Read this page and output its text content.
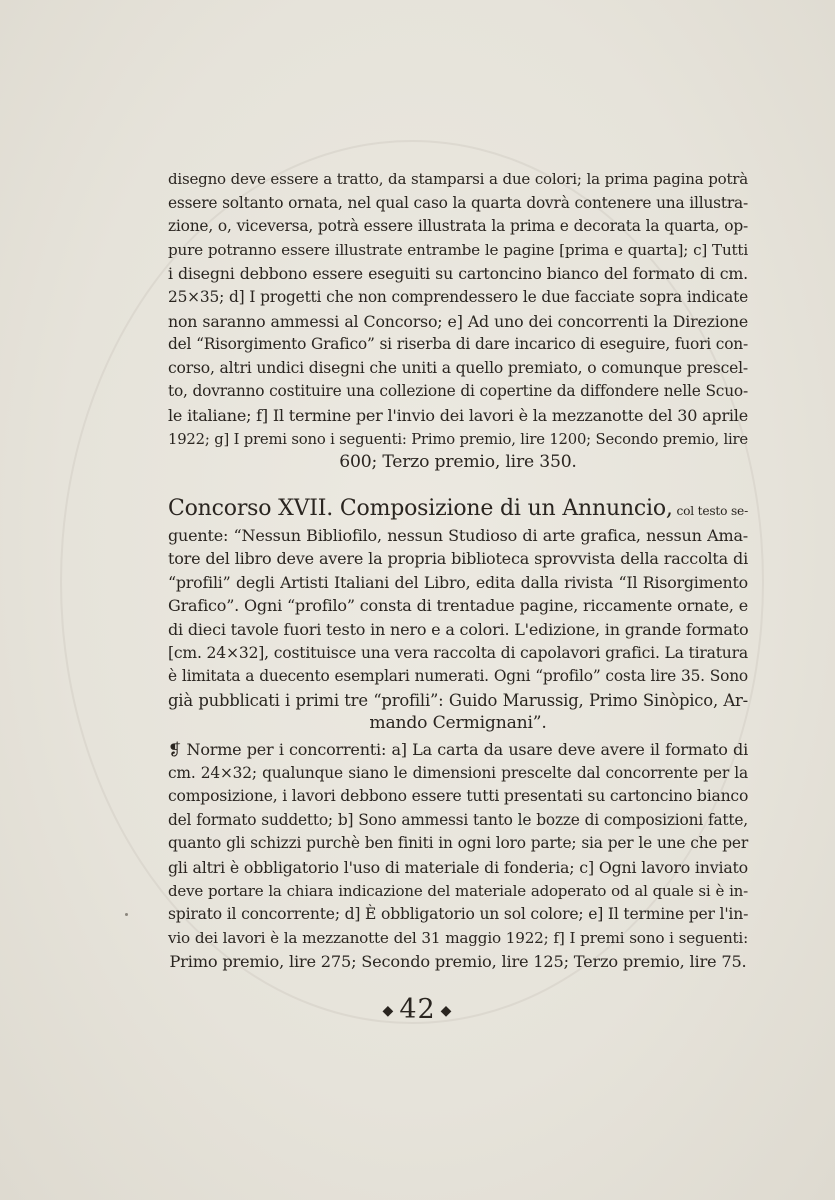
disegno deve essere a tratto, da stamparsi a due colori; la prima pagina potrà
essere soltanto ornata, nel qual caso la quarta dovrà contenere una illustra-
zione, o, viceversa, potrà essere illustrata la prima e decorata la quarta, op-
pure potranno essere illustrate entrambe le pagine [prima e quarta]; c] Tutti
i disegni debbono essere eseguiti su cartoncino bianco del formato di cm.
25×35; d] I progetti che non comprendessero le due facciate sopra indicate
non saranno ammessi al Concorso; e] Ad uno dei concorrenti la Direzione
del “Risorgimento Grafico” si riserba di dare incarico di eseguire, fuori con-
corso, altri undici disegni che uniti a quello premiato, o comunque prescel-
to, dovranno costituire una collezione di copertine da diffondere nelle Scuo-
le italiane; f] Il termine per l'invio dei lavori è la mezzanotte del 30 aprile
1922; g] I premi sono i seguenti: Primo premio, lire 1200; Secondo premio, lire
600; Terzo premio, lire 350.
Concorso XVII. Composizione di un Annuncio, col testo se-
guente: “Nessun Bibliofilo, nessun Studioso di arte grafica, nessun Ama-
tore del libro deve avere la propria biblioteca sprovvista della raccolta di
“profili” degli Artisti Italiani del Libro, edita dalla rivista “Il Risorgimento
Grafico”. Ogni “profilo” consta di trentadue pagine, riccamente ornate, e
di dieci tavole fuori testo in nero e a colori. L'edizione, in grande formato
[cm. 24×32], costituisce una vera raccolta di capolavori grafici. La tiratura
è limitata a duecento esemplari numerati. Ogni “profilo” costa lire 35. Sono
già pubblicati i primi tre “profili”: Guido Marussig, Primo Sinòpico, Ar-
mando Cermignani”.
❡ Norme per i concorrenti: a] La carta da usare deve avere il formato di
cm. 24×32; qualunque siano le dimensioni prescelte dal concorrente per la
composizione, i lavori debbono essere tutti presentati su cartoncino bianco
del formato suddetto; b] Sono ammessi tanto le bozze di composizioni fatte,
quanto gli schizzi purchè ben finiti in ogni loro parte; sia per le une che per
gli altri è obbligatorio l'uso di materiale di fonderia; c] Ogni lavoro inviato
deve portare la chiara indicazione del materiale adoperato od al quale si è in-
spirato il concorrente; d] È obbligatorio un sol colore; e] Il termine per l'in-
vio dei lavori è la mezzanotte del 31 maggio 1922; f] I premi sono i seguenti:
Primo premio, lire 275; Secondo premio, lire 125; Terzo premio, lire 75.
◆ 42 ◆
